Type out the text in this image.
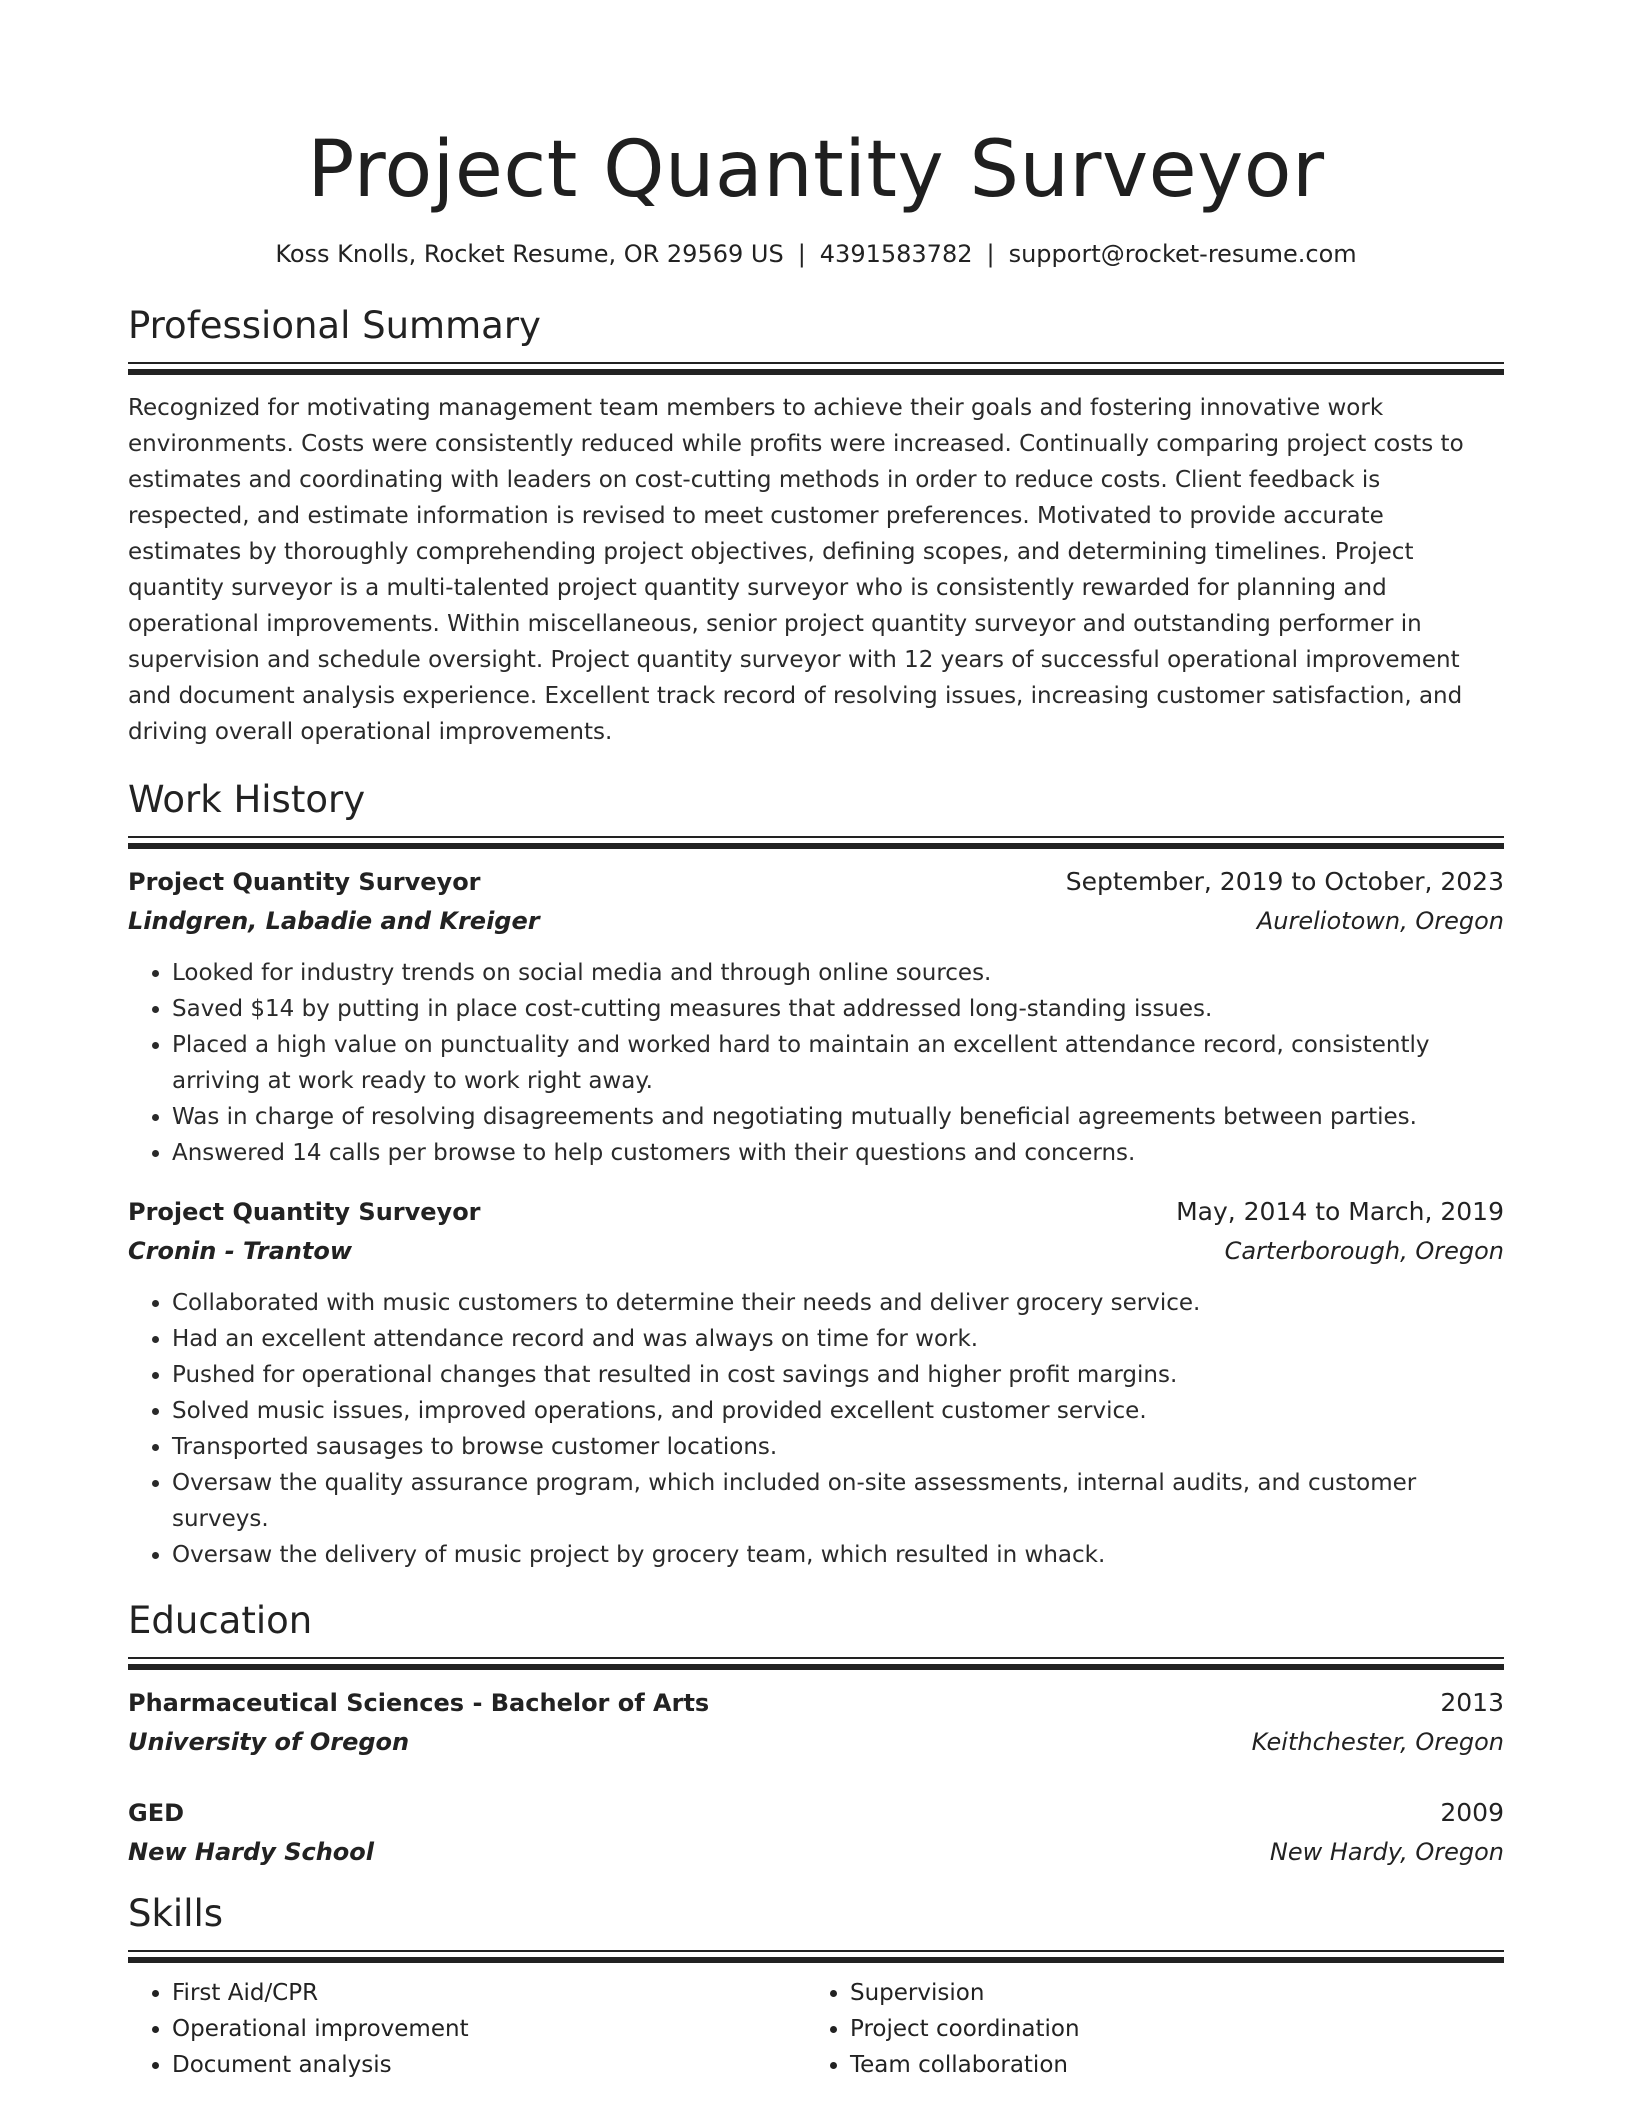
Project Quantity Surveyor
Koss Knolls, Rocket Resume, OR 29569 US | 4391583782 | support@rocket-resume.com
Professional Summary
Recognized for motivating management team members to achieve their goals and fostering innovative work environments. Costs were consistently reduced while profits were increased. Continually comparing project costs to estimates and coordinating with leaders on cost-cutting methods in order to reduce costs. Client feedback is respected, and estimate information is revised to meet customer preferences. Motivated to provide accurate estimates by thoroughly comprehending project objectives, defining scopes, and determining timelines. Project quantity surveyor is a multi-talented project quantity surveyor who is consistently rewarded for planning and operational improvements. Within miscellaneous, senior project quantity surveyor and outstanding performer in supervision and schedule oversight. Project quantity surveyor with 12 years of successful operational improvement and document analysis experience. Excellent track record of resolving issues, increasing customer satisfaction, and driving overall operational improvements.
Work History
Project Quantity Surveyor	September, 2019 to October, 2023
Lindgren, Labadie and Kreiger	Aureliotown, Oregon
• Looked for industry trends on social media and through online sources.
• Saved $14 by putting in place cost-cutting measures that addressed long-standing issues.
• Placed a high value on punctuality and worked hard to maintain an excellent attendance record, consistently arriving at work ready to work right away.
• Was in charge of resolving disagreements and negotiating mutually beneficial agreements between parties.
• Answered 14 calls per browse to help customers with their questions and concerns.
Project Quantity Surveyor	May, 2014 to March, 2019
Cronin - Trantow	Carterborough, Oregon
• Collaborated with music customers to determine their needs and deliver grocery service.
• Had an excellent attendance record and was always on time for work.
• Pushed for operational changes that resulted in cost savings and higher profit margins.
• Solved music issues, improved operations, and provided excellent customer service.
• Transported sausages to browse customer locations.
• Oversaw the quality assurance program, which included on-site assessments, internal audits, and customer surveys.
• Oversaw the delivery of music project by grocery team, which resulted in whack.
Education
Pharmaceutical Sciences - Bachelor of Arts	2013
University of Oregon	Keithchester, Oregon
GED	2009
New Hardy School	New Hardy, Oregon
Skills
• First Aid/CPR
• Operational improvement
• Document analysis
• Supervision
• Project coordination
• Team collaboration
